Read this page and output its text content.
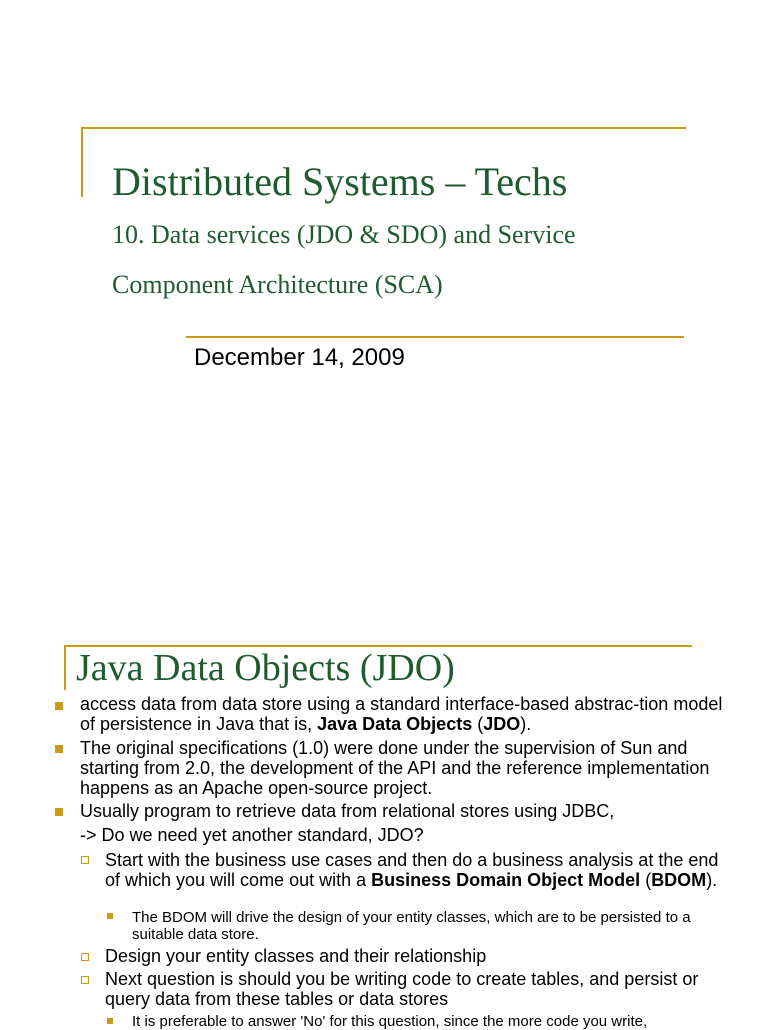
Distributed Systems – Techs
10. Data services (JDO & SDO) and Service Component Architecture (SCA)
December 14, 2009
Java Data Objects (JDO)
access data from data store using a standard interface-based abstrac-tion model of persistence in Java that is, Java Data Objects (JDO).
The original specifications (1.0) were done under the supervision of Sun and starting from 2.0, the development of the API and the reference implementation happens as an Apache open-source project.
Usually program to retrieve data from relational stores using JDBC,
-> Do we need yet another standard, JDO?
Start with the business use cases and then do a business analysis at the end of which you will come out with a Business Domain Object Model (BDOM).
The BDOM will drive the design of your entity classes, which are to be persisted to a suitable data store.
Design your entity classes and their relationship
Next question is should you be writing code to create tables, and persist or query data from these tables or data stores
It is preferable to answer 'No' for this question, since the more code you write,
